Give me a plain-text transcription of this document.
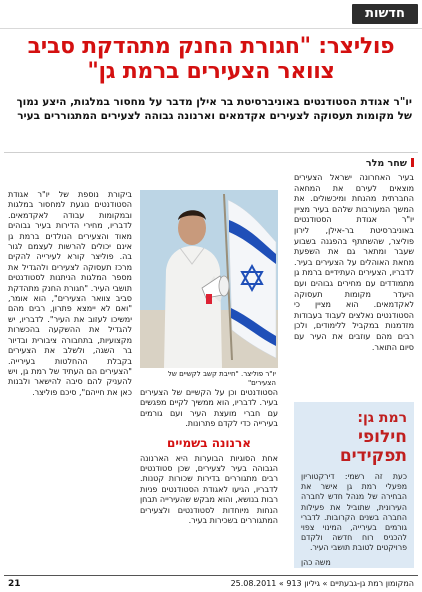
חדשות
פוליצר: "חגורת החנק מתהדקת סביב צוואר הצעירים ברמת גן"

יו"ר אגודת הסטודנטים באוניברסיטת בר אילן מדבר על מחסור במלגות, היצע נמוך של מקומות תעסוקה לצעירים אקדמאים וארנונה גבוהה לצעירים המתגוררים בעיר

שחר מלר

בעיר האחרונה ישראל הצעירים מוצאים לעירם את המחאה החברתית מהנחת ומיכשולים. את המשך המעורבות שלהם בעיר מציין יו"ר אגודת הסטודנטים באוניברסיטת בר-אילן, לירון פוליצר, שהשתתף בהפגנה בשבוע שעבר ומתאר גם את השפעת מחאת האוהלים על הצעירים בעיר. לדבריו, הצעירים העתידיים ברמת גן מתמודדים עם מחירים גבוהים ועם היעדר מקומות תעסוקה לאקדמאים. הוא מציין כי הסטודנטים נאלצים לעבוד בעבודות מזדמנות במקביל ללימודים, ולכן רבים מהם עוזבים את העיר עם סיום התואר.

רמת גן:
חילופי תפקידים

כעת זה רשמי: דירקטוריון מפעלי רמת גן אישר את הבחירה של מנהל חדש לחברה העירונית, שתוביל את פעילות החברה בשנים הקרובות. לדברי גורמים בעירייה, המינוי צפוי להכניס רוח חדשה ולקדם פרויקטים לטובת תושבי העיר.

משה כהן

יו"ר פוליצר. "חייבת קשב לקשיים של הצעירים"

הסטודנטים וכן על הקשיים של הצעירים בעיר. לדבריו, הוא ממשיך לקיים מפגשים עם חברי מועצת העיר ועם גורמים בעירייה כדי לקדם פתרונות.

ארנונה בשמיים

אחת הסוגיות הבוערות היא הארנונה הגבוהה בעיר לצעירים, שכן סטודנטים רבים מתגוררים בדירות שכורות קטנות. לדבריו, הגיעו לאגודת הסטודנטים פניות רבות בנושא, והוא מבקש שהעירייה תבחן הנחות מיוחדות לסטודנטים ולצעירים המתגוררים בשכירות בעיר.

ביקורת נוספת של יו"ר אגודת הסטודנטים נוגעת למחסור במלגות ובמקומות עבודה לאקדמאים. לדבריו, מחירי הדירות בעיר גבוהים מאוד והצעירים הנולדים ברמת גן אינם יכולים להרשות לעצמם לגור בה. פוליצר קורא לעירייה להקים מרכז תעסוקה לצעירים ולהגדיל את מספר המלגות הניתנות לסטודנטים תושבי העיר. "חגורת החנק מתהדקת סביב צוואר הצעירים", הוא אומר, "ואם לא יימצא פתרון, רבים מהם ימשיכו לעזוב את העיר". לדבריו, יש להגדיל את ההשקעה בהכשרות מקצועיות, בתחבורה ציבורית ובדיור בר השגה, ולשלב את הצעירים בקבלת ההחלטות בעירייה. "הצעירים הם העתיד של רמת גן, ויש להעניק להם סיבה להישאר ולבנות כאן את חייהם", סיכם פוליצר.

המקומון רמת גן-גבעתיים » גיליון 913 » 25.08.2011
21
